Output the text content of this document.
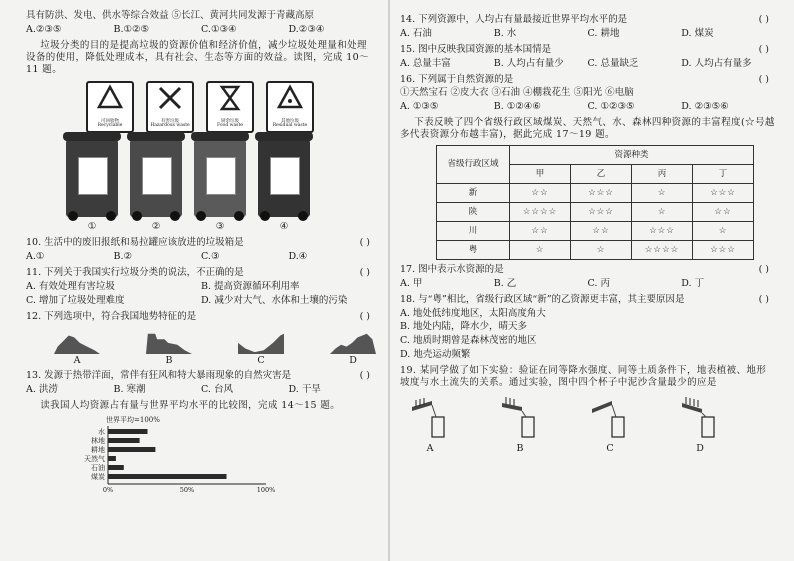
具有防洪、发电、供水等综合效益 ⑤长江、黄河共同发源于青藏高原
A.②③⑤	B.①②⑤	C.①③④	D.②③④
垃圾分类的目的是提高垃圾的资源价值和经济价值，减少垃圾处理量和处理设备的使用，降低处理成本，具有社会、生态等方面的效益。读图，完成 10～11 题。
可回收物
Recyclable
有害垃圾
Hazardous waste
厨余垃圾
Food waste
其他垃圾
Residual waste
①	②	③	④
10. 生活中的废旧报纸和易拉罐应该放进的垃圾箱是	( )
A.①	B.②	C.③	D.④
11. 下列关于我国实行垃圾分类的说法，不正确的是	( )
A. 有效处理有害垃圾	B. 提高资源循环利用率
C. 增加了垃圾处理难度	D. 减少对大气、水体和土壤的污染
12. 下列选项中，符合我国地势特征的是	( )
A	B	C	D
13. 发源于热带洋面，常伴有狂风和特大暴雨现象的自然灾害是	( )
A. 洪涝	B. 寒潮	C. 台风	D. 干旱
读我国人均资源占有量与世界平均水平的比较图，完成 14～15 题。
世界平均=100%
水
林地
耕地
天然气
石油
煤炭
0%	50%	100%
14. 下列资源中，人均占有量最接近世界平均水平的是	( )
A. 石油	B. 水	C. 耕地	D. 煤炭
15. 图中反映我国资源的基本国情是	( )
A. 总量丰富	B. 人均占有量少	C. 总量缺乏	D. 人均占有量多
16. 下列属于自然资源的是	( )
①天然宝石 ②皮大衣 ③石油 ④棚栽花生 ⑤阳光 ⑥电脑
A. ①③⑤	B. ①②④⑥	C. ①②③⑤	D. ②③⑤⑥
下表反映了四个省级行政区域煤炭、天然气、水、森林四种资源的丰富程度(☆号越多代表资源分布越丰富)，据此完成 17～19 题。
省级行政区域	资源种类			
	甲	乙	丙	丁
新	☆☆	☆☆☆	☆	☆☆☆
陕	☆☆☆☆	☆☆☆	☆	☆☆
川	☆☆	☆☆	☆☆☆	☆
粤	☆	☆	☆☆☆☆	☆☆☆
17. 图中表示水资源的是	( )
A. 甲	B. 乙	C. 丙	D. 丁
18. 与“粤”相比，省级行政区域“新”的乙资源更丰富，其主要原因是	( )
A. 地处低纬度地区，太阳高度角大
B. 地处内陆，降水少，晴天多
C. 地质时期曾是森林茂密的地区
D. 地壳运动频繁
19. 某同学做了如下实验：验证在同等降水强度、同等土质条件下，地表植被、地形坡度与水土流失的关系。通过实验，图中四个杯子中泥沙含量最少的应是
A	B	C	D
